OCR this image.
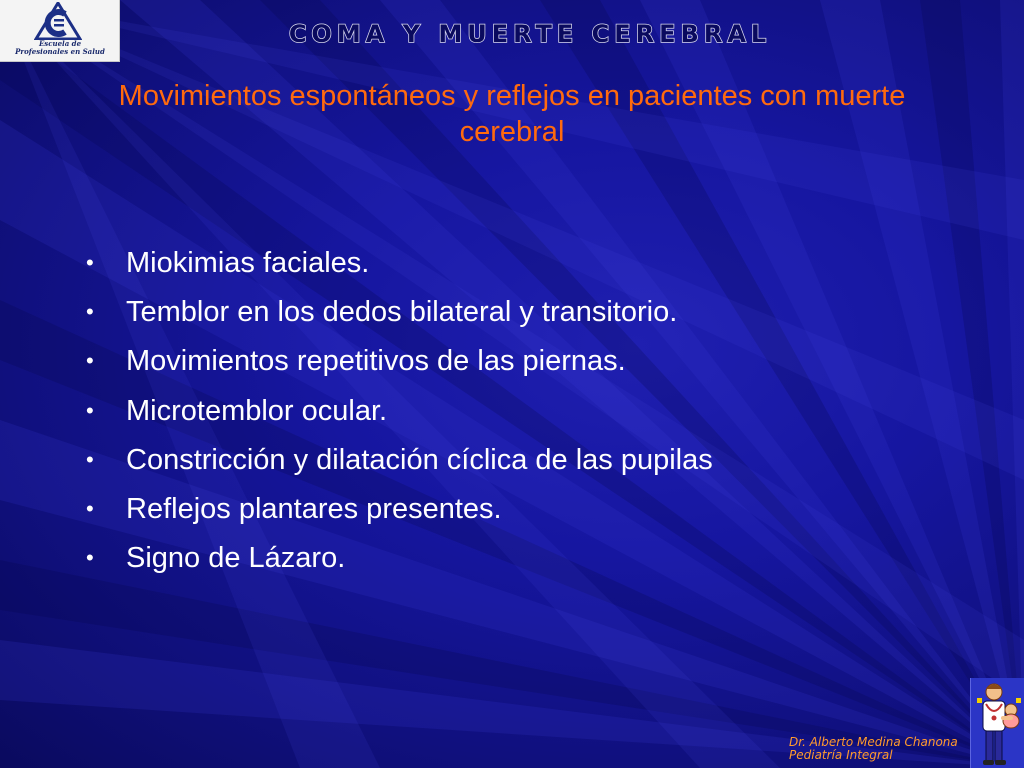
Escuela de
Profesionales en Salud
COMA Y MUERTE CEREBRAL
Movimientos espontáneos y reflejos en pacientes con muerte cerebral
• Miokimias faciales.
• Temblor en los dedos bilateral y transitorio.
• Movimientos repetitivos de las piernas.
• Microtemblor ocular.
• Constricción y dilatación cíclica de las pupilas
• Reflejos plantares presentes.
• Signo de Lázaro.
Dr. Alberto Medina Chanona
Pediatría Integral
